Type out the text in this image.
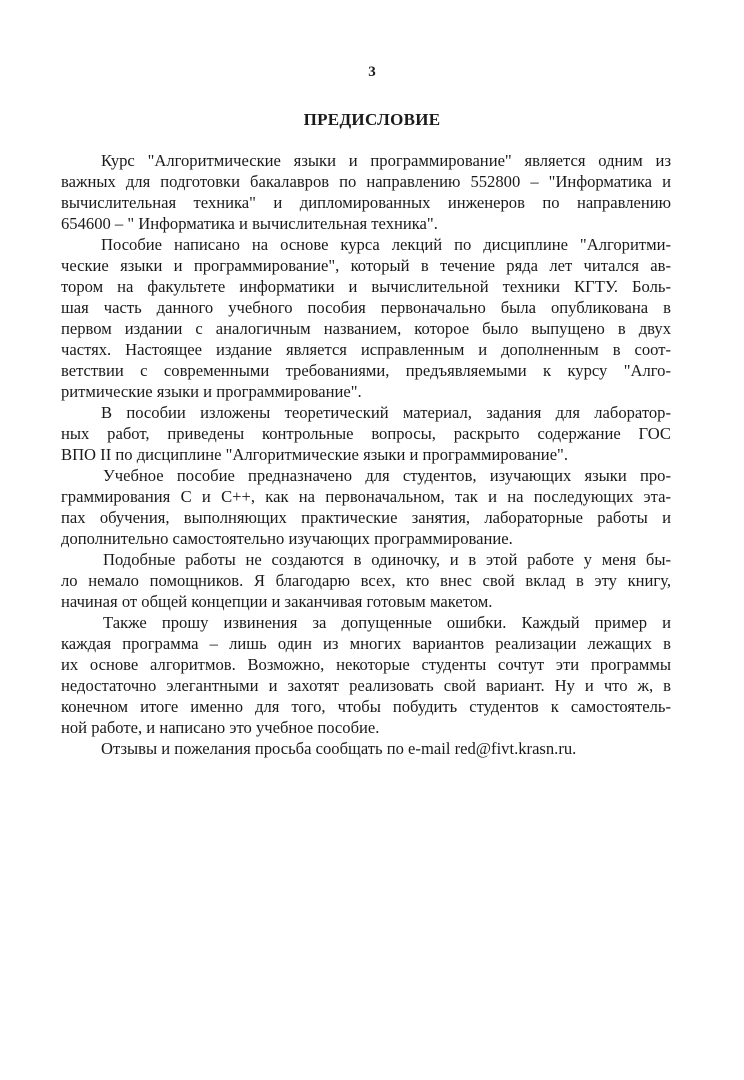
3
ПРЕДИСЛОВИЕ
Курс "Алгоритмические языки и программирование" является одним из
важных для подготовки бакалавров по направлению 552800 – "Информатика и
вычислительная техника" и дипломированных инженеров по направлению
654600 – " Информатика и вычислительная техника".
Пособие написано на основе курса лекций по дисциплине "Алгоритми-
ческие языки и программирование", который в течение ряда лет читался ав-
тором на факультете информатики и вычислительной техники КГТУ. Боль-
шая часть данного учебного пособия первоначально была опубликована в
первом издании с аналогичным названием, которое было выпущено в двух
частях. Настоящее издание является исправленным и дополненным в соот-
ветствии с современными требованиями, предъявляемыми к курсу "Алго-
ритмические языки и программирование".
В пособии изложены теоретический материал, задания для лаборатор-
ных работ, приведены контрольные вопросы, раскрыто содержание ГОС
ВПО II по дисциплине "Алгоритмические языки и программирование".
Учебное пособие предназначено для студентов, изучающих языки про-
граммирования С и С++, как на первоначальном, так и на последующих эта-
пах обучения, выполняющих практические занятия, лабораторные работы и
дополнительно самостоятельно изучающих программирование.
Подобные работы не создаются в одиночку, и в этой работе у меня бы-
ло немало помощников. Я благодарю всех, кто внес свой вклад в эту книгу,
начиная от общей концепции и заканчивая готовым макетом.
Также прошу извинения за допущенные ошибки. Каждый пример и
каждая программа – лишь один из многих вариантов реализации лежащих в
их основе алгоритмов. Возможно, некоторые студенты сочтут эти программы
недостаточно элегантными и захотят реализовать свой вариант. Ну и что ж, в
конечном итоге именно для того, чтобы побудить студентов к самостоятель-
ной работе, и написано это учебное пособие.
Отзывы и пожелания просьба сообщать по e-mail red@fivt.krasn.ru.
